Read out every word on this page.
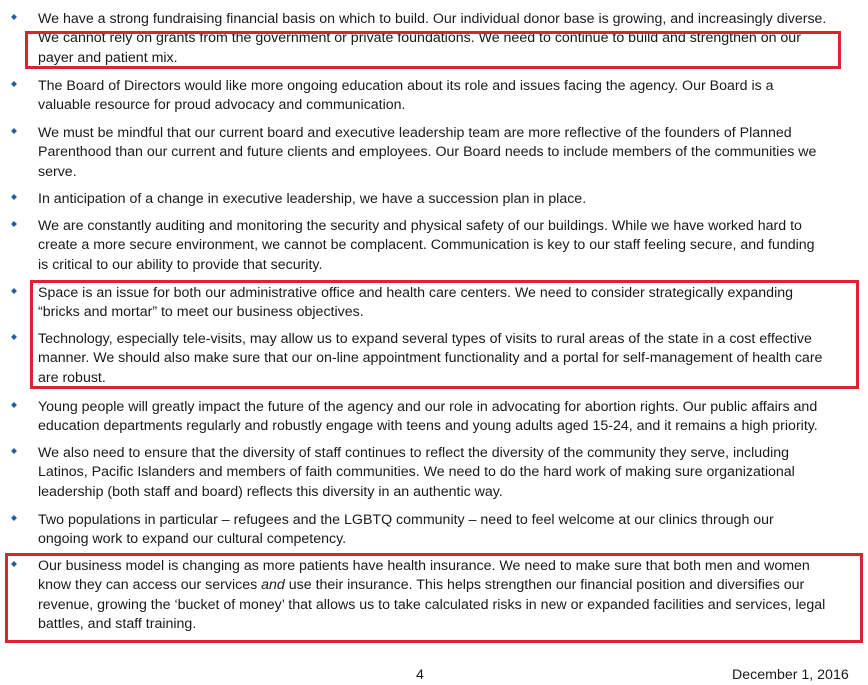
We have a strong fundraising financial basis on which to build. Our individual donor base is growing, and increasingly diverse.
We cannot rely on grants from the government or private foundations. We need to continue to build and strengthen on our
payer and patient mix.
The Board of Directors would like more ongoing education about its role and issues facing the agency. Our Board is a
valuable resource for proud advocacy and communication.
We must be mindful that our current board and executive leadership team are more reflective of the founders of Planned
Parenthood than our current and future clients and employees. Our Board needs to include members of the communities we
serve.
In anticipation of a change in executive leadership, we have a succession plan in place.
We are constantly auditing and monitoring the security and physical safety of our buildings. While we have worked hard to
create a more secure environment, we cannot be complacent. Communication is key to our staff feeling secure, and funding
is critical to our ability to provide that security.
Space is an issue for both our administrative office and health care centers. We need to consider strategically expanding
“bricks and mortar” to meet our business objectives.
Technology, especially tele-visits, may allow us to expand several types of visits to rural areas of the state in a cost effective
manner. We should also make sure that our on-line appointment functionality and a portal for self-management of health care
are robust.
Young people will greatly impact the future of the agency and our role in advocating for abortion rights. Our public affairs and
education departments regularly and robustly engage with teens and young adults aged 15-24, and it remains a high priority.
We also need to ensure that the diversity of staff continues to reflect the diversity of the community they serve, including
Latinos, Pacific Islanders and members of faith communities. We need to do the hard work of making sure organizational
leadership (both staff and board) reflects this diversity in an authentic way.
Two populations in particular – refugees and the LGBTQ community – need to feel welcome at our clinics through our
ongoing work to expand our cultural competency.
Our business model is changing as more patients have health insurance. We need to make sure that both men and women
know they can access our services and use their insurance. This helps strengthen our financial position and diversifies our
revenue, growing the ‘bucket of money’ that allows us to take calculated risks in new or expanded facilities and services, legal
battles, and staff training.
4	December 1, 2016
